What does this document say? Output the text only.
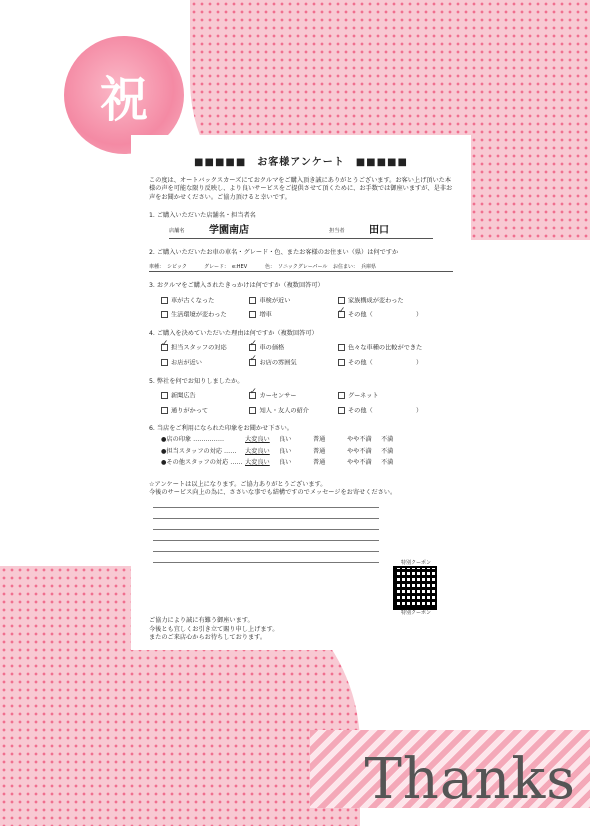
祝
Thanks
■■■■■　お客様アンケート　■■■■■
この度は、オートバックスカーズにておクルマをご購入頂き誠にありがとうございます。お客い上げ頂いた本様の声を可能な限り反映し、より良いサービスをご提供させて頂くために、お手数では御座いますが、是非お声をお聞かせください。ご協力頂けると幸いです。
1. ご購入いただいた店舗名・担当者名
店舗名	学園南店	担当者	田口
2. ご購入いただいたお車の車名・グレード・色、またお客様のお住まい（県）は何ですか
車種： シビック	グレード： e:HEV	色： ソニックグレーパール	お住まい： 兵庫県
3. おクルマをご購入されたきっかけは何ですか（複数回答可）
車が古くなった	車検が近い	家族構成が変わった
生活環境が変わった	増車 ✓	その他（　　　　　　　）
4. ご購入を決めていただいた理由は何ですか（複数回答可）
✓担当スタッフの対応 ✓	車の価格	色々な車種の比較ができた
お店が近い ✓	お店の雰囲気	その他（　　　　　　　）
5. 弊社を何でお知りしましたか。
新聞広告 ✓	カーセンサー	グーネット
通りがかって	知人・友人の紹介	その他（　　　　　　　）
6. 当店をご利用になられた印象をお聞かせ下さい。
●店の印象 ……………	大変良い	良い	普通	やや不満	不満
●担当スタッフの対応 ……	大変良い	良い	普通	やや不満	不満
●その他スタッフの対応 …… 大変良い	良い	普通	やや不満	不満
☆アンケートは以上になります。ご協力ありがとうございます。
今後のサービス向上の為に、ささいな事でも結構ですのでメッセージをお寄せください。
特別クーポン
特別クーポン
ご協力により誠に有難う御座います。
今後とも宜しくお引き立て賜り申し上げます。
またのご来店心からお待ちしております。
